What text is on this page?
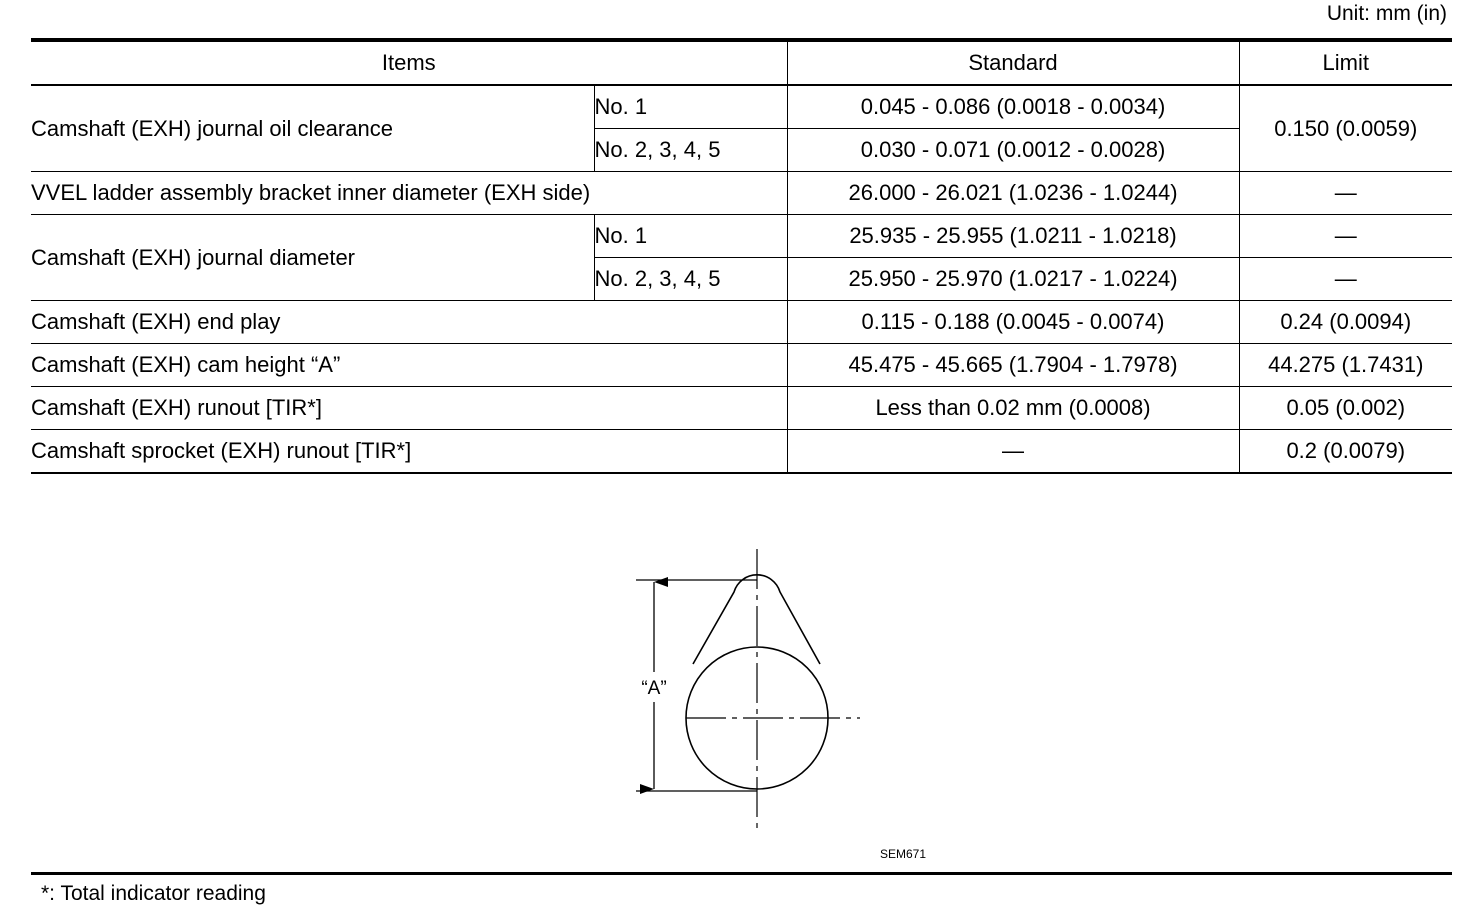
Unit: mm (in)
Items		Standard	Limit
Camshaft (EXH) journal oil clearance	No. 1	0.045 - 0.086 (0.0018 - 0.0034)	0.150 (0.0059)
	No. 2, 3, 4, 5	0.030 - 0.071 (0.0012 - 0.0028)	
VVEL ladder assembly bracket inner diameter (EXH side)		26.000 - 26.021 (1.0236 - 1.0244)	—
Camshaft (EXH) journal diameter	No. 1	25.935 - 25.955 (1.0211 - 1.0218)	—
	No. 2, 3, 4, 5	25.950 - 25.970 (1.0217 - 1.0224)	—
Camshaft (EXH) end play		0.115 - 0.188 (0.0045 - 0.0074)	0.24 (0.0094)
Camshaft (EXH) cam height “A”		45.475 - 45.665 (1.7904 - 1.7978)	44.275 (1.7431)
Camshaft (EXH) runout [TIR*]		Less than 0.02 mm (0.0008)	0.05 (0.002)
Camshaft sprocket (EXH) runout [TIR*]		—	0.2 (0.0079)
“A”
SEM671
*: Total indicator reading
